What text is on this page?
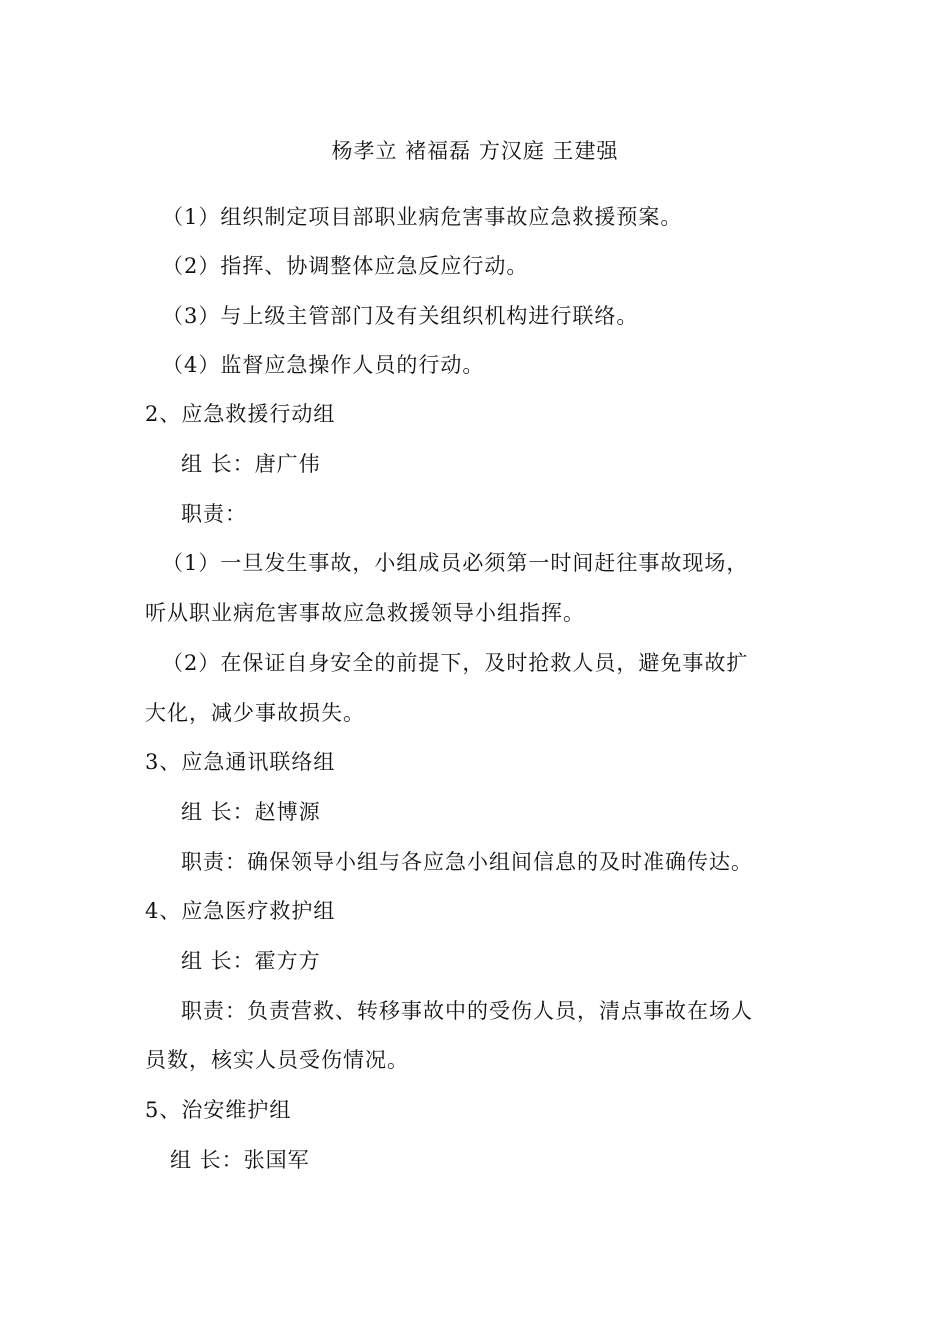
杨孝立 褚福磊 方汉庭 王建强
（1）组织制定项目部职业病危害事故应急救援预案。
（2）指挥、协调整体应急反应行动。
（3）与上级主管部门及有关组织机构进行联络。
（4）监督应急操作人员的行动。
2、应急救援行动组
组 长：唐广伟
职责：
（1）一旦发生事故，小组成员必须第一时间赶往事故现场，
听从职业病危害事故应急救援领导小组指挥。
（2）在保证自身安全的前提下，及时抢救人员，避免事故扩
大化，减少事故损失。
3、应急通讯联络组
组 长：赵博源
职责：确保领导小组与各应急小组间信息的及时准确传达。
4、应急医疗救护组
组 长：霍方方
职责：负责营救、转移事故中的受伤人员，清点事故在场人
员数，核实人员受伤情况。
5、治安维护组
组 长：张国军
